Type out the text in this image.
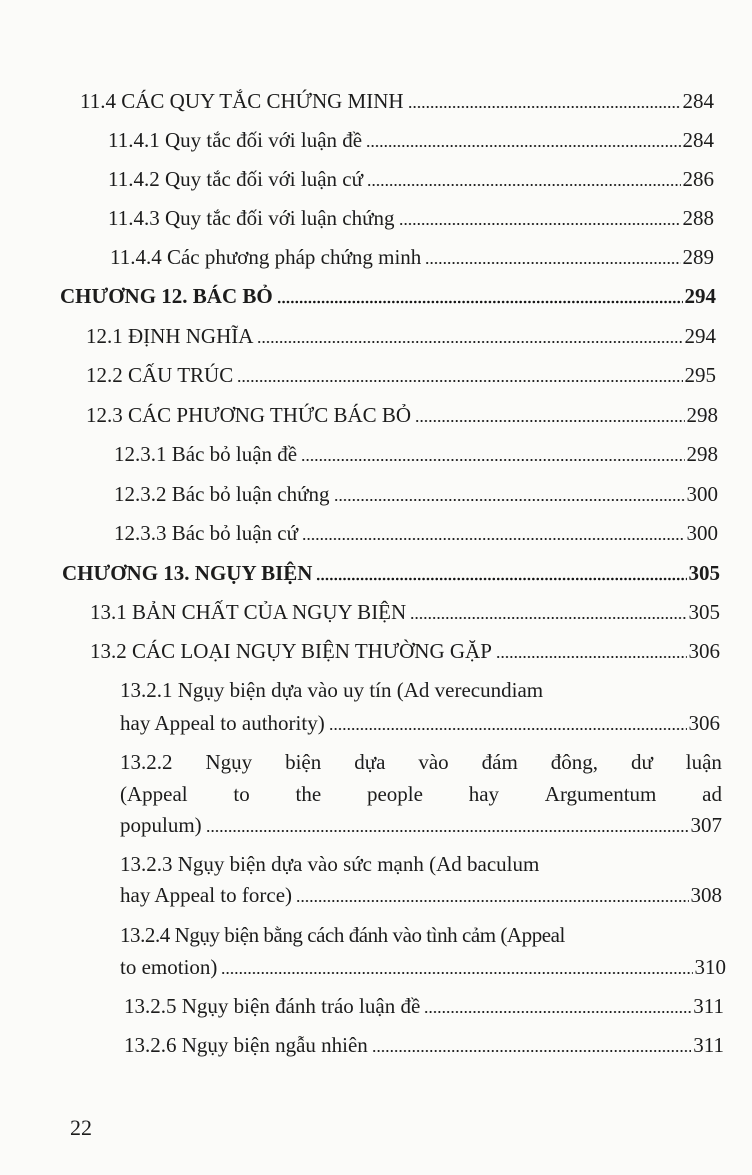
11.4 CÁC QUY TẮC CHỨNG MINH	284
11.4.1 Quy tắc đối với luận đề	284
11.4.2 Quy tắc đối với luận cứ	286
11.4.3 Quy tắc đối với luận chứng	288
11.4.4 Các phương pháp chứng minh	289
CHƯƠNG 12. BÁC BỎ	294
12.1 ĐỊNH NGHĨA	294
12.2 CẤU TRÚC	295
12.3 CÁC PHƯƠNG THỨC BÁC BỎ	298
12.3.1 Bác bỏ luận đề	298
12.3.2 Bác bỏ luận chứng	300
12.3.3 Bác bỏ luận cứ	300
CHƯƠNG 13. NGỤY BIỆN	305
13.1 BẢN CHẤT CỦA NGỤY BIỆN	305
13.2 CÁC LOẠI NGỤY BIỆN THƯỜNG GẶP	306
13.2.1 Ngụy biện dựa vào uy tín (Ad verecundiam
hay Appeal to authority)	306
13.2.2 Ngụy biện dựa vào đám đông, dư luận
(Appeal to the people hay Argumentum ad
populum)	307
13.2.3 Ngụy biện dựa vào sức mạnh (Ad baculum
hay Appeal to force)	308
13.2.4 Ngụy biện bằng cách đánh vào tình cảm (Appeal
to emotion)	310
13.2.5 Ngụy biện đánh tráo luận đề	311
13.2.6 Ngụy biện ngẫu nhiên	311
22
